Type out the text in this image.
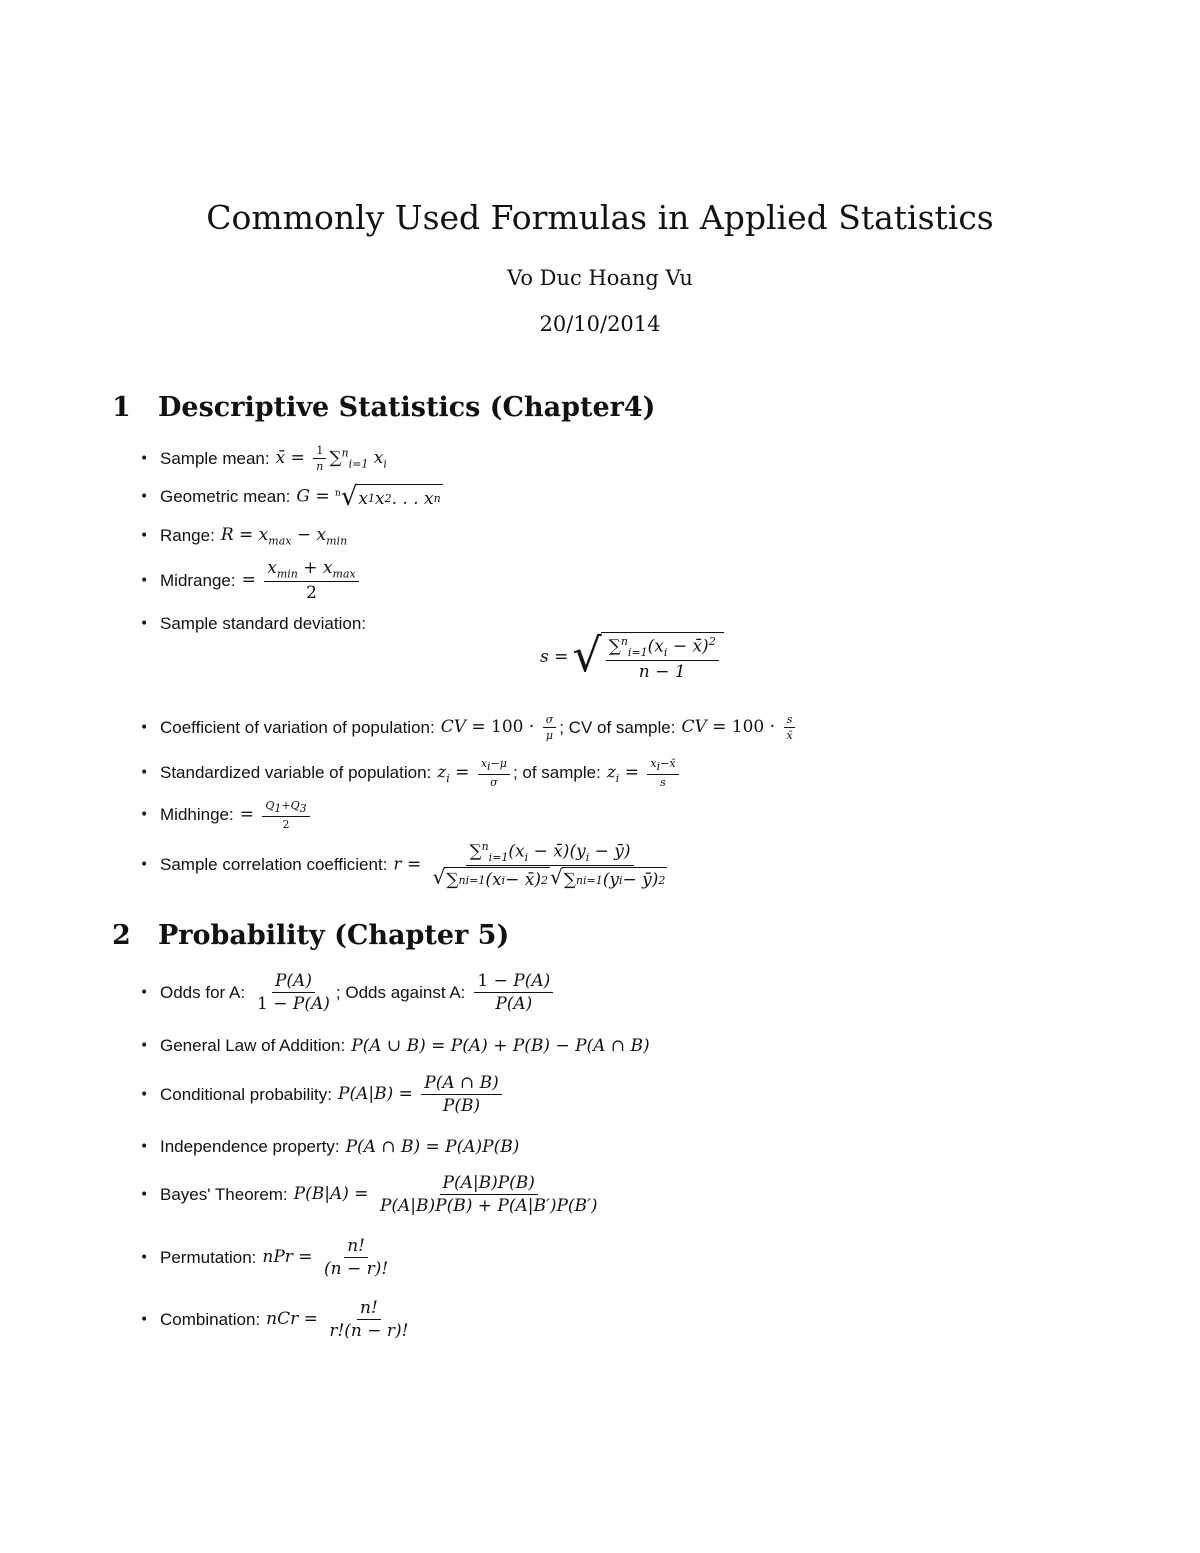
Commonly Used Formulas in Applied Statistics
Vo Duc Hoang Vu
20/10/2014
1 Descriptive Statistics (Chapter4)
• Sample mean: x̄ = $\frac{1}{n} \sum^n_{i=1}$ $x_i$
• Geometric mean: G = $^n$√ x 1 x 2 . . . x n
• Range: $R = x_{max} - x_{min}$
• Midrange: = $\frac{x_{min} + x_{max}}{2}$
• Sample standard deviation:
s = √ $\frac{\sum^n_{i=1}(x_i - x̄)^2}{n - 1}$
• Coefficient of variation of population: CV = $100 \cdot \frac{\sigma}{\mu}$ ; CV of sample: CV = $100 \cdot \frac{s}{x̄}$
• Standardized variable of population: $z_i = \frac{x_i-\mu}{\sigma}$ ; of sample: $z_i = \frac{x_i-x̄}{s}$
• Midhinge: = $\frac{Q_1+Q_3}{2}$
• Sample correlation coefficient: $r = \frac{\sum^n_{i=1}(x_i - x̄)(y_i - ȳ)}{\text{√ ∑ n i=1 (x i − x̄) 2 √ ∑ n i=1 (y i − ȳ) 2}}$
2 Probability (Chapter 5)
• Odds for A: $\frac{P(A)}{1 - P(A)}$ ; Odds against A: $\frac{1 - P(A)}{P(A)}$
• General Law of Addition: P(A ∪ B) = P(A) + P(B) − P(A ∩ B)
• Conditional probability: $P(A|B) = \frac{P(A \cap B)}{P(B)}$
• Independence property: P(A ∩ B) = P(A)P(B)
• Bayes' Theorem: $P(B|A) = \frac{P(A|B)P(B)}{P(A|B)P(B) + P(A|B')P(B')}$
• Permutation: nPr = $\frac{n!}{(n - r)!}$
• Combination: nCr = $\frac{n!}{r!(n - r)!}$
